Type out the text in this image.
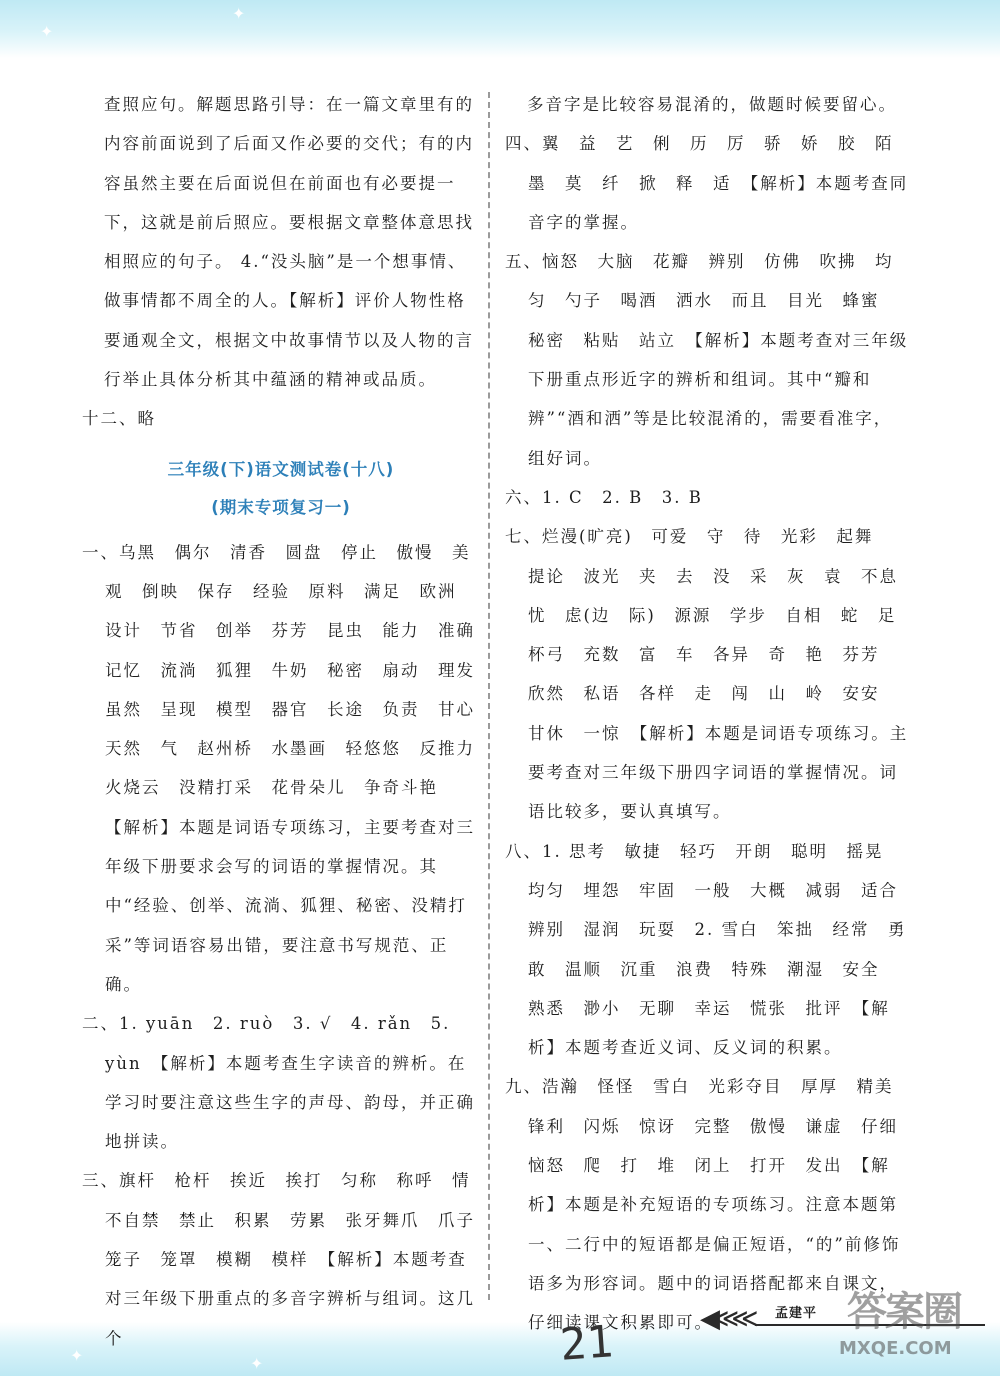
✦
✦
✦
✦

查照应句。解题思路引导：在一篇文章里有的内容前面说到了后面又作必要的交代；有的内容虽然主要在后面说但在前面也有必要提一下，这就是前后照应。要根据文章整体意思找相照应的句子。 4.“没头脑”是一个想事情、做事情都不周全的人。【解析】评价人物性格要通观全文，根据文中故事情节以及人物的言行举止具体分析其中蕴涵的精神或品质。

十二、略

三年级(下)语文测试卷(十八)
(期末专项复习一)

一、乌黑　偶尔　清香　圆盘　停止　傲慢　美观　倒映　保存　经验　原料　满足　欧洲　设计　节省　创举　芬芳　昆虫　能力　准确　记忆　流淌　狐狸　牛奶　秘密　扇动　理发　虽然　呈现　模型　器官　长途　负责　甘心　天然　气　赵州桥　水墨画　轻悠悠　反推力　火烧云　没精打采　花骨朵儿　争奇斗艳　【解析】本题是词语专项练习，主要考查对三年级下册要求会写的词语的掌握情况。其中“经验、创举、流淌、狐狸、秘密、没精打采”等词语容易出错，要注意书写规范、正确。

二、1. yuān　2. ruò　3. √　4. rǎn　5. yùn　【解析】本题考查生字读音的辨析。在学习时要注意这些生字的声母、韵母，并正确地拼读。

三、旗杆　枪杆　挨近　挨打　匀称　称呼　情不自禁　禁止　积累　劳累　张牙舞爪　爪子　笼子　笼罩　模糊　模样　【解析】本题考查对三年级下册重点的多音字辨析与组词。这几个

多音字是比较容易混淆的，做题时候要留心。

四、翼　益　艺　俐　历　厉　骄　娇　胶　陌　墨　莫　纤　掀　释　适　【解析】本题考查同音字的掌握。

五、恼怒　大脑　花瓣　辨别　仿佛　吹拂　均匀　勺子　喝酒　洒水　而且　目光　蜂蜜　秘密　粘贴　站立　【解析】本题考查对三年级下册重点形近字的辨析和组词。其中“瓣和辨”“酒和洒”等是比较混淆的，需要看准字，组好词。

六、1. C　2. B　3. B

七、烂漫(旷亮)　可爱　守　待　光彩　起舞　提论　波光　夹　去　没　采　灰　袁　不息　忧　虑(边　际)　源源　学步　自相　蛇　足　杯弓　充数　富　车　各异　奇　艳　芬芳　欣然　私语　各样　走　闯　山　岭　安安　甘休　一惊　【解析】本题是词语专项练习。主要考查对三年级下册四字词语的掌握情况。词语比较多，要认真填写。

八、1. 思考　敏捷　轻巧　开朗　聪明　摇晃　均匀　埋怨　牢固　一般　大概　减弱　适合　辨别　湿润　玩耍　2. 雪白　笨拙　经常　勇敢　温顺　沉重　浪费　特殊　潮湿　安全　熟悉　渺小　无聊　幸运　慌张　批评　【解析】本题考查近义词、反义词的积累。

九、浩瀚　怪怪　雪白　光彩夺目　厚厚　精美　锋利　闪烁　惊讶　完整　傲慢　谦虚　仔细　恼怒　爬　打　堆　闭上　打开　发出　【解析】本题是补充短语的专项练习。注意本题第一、二行中的短语都是偏正短语，“的”前修饰语多为形容词。题中的词语搭配都来自课文，仔细读课文积累即可。

◀≪≪ 孟建平
21
答案圈
MXQE.COM
